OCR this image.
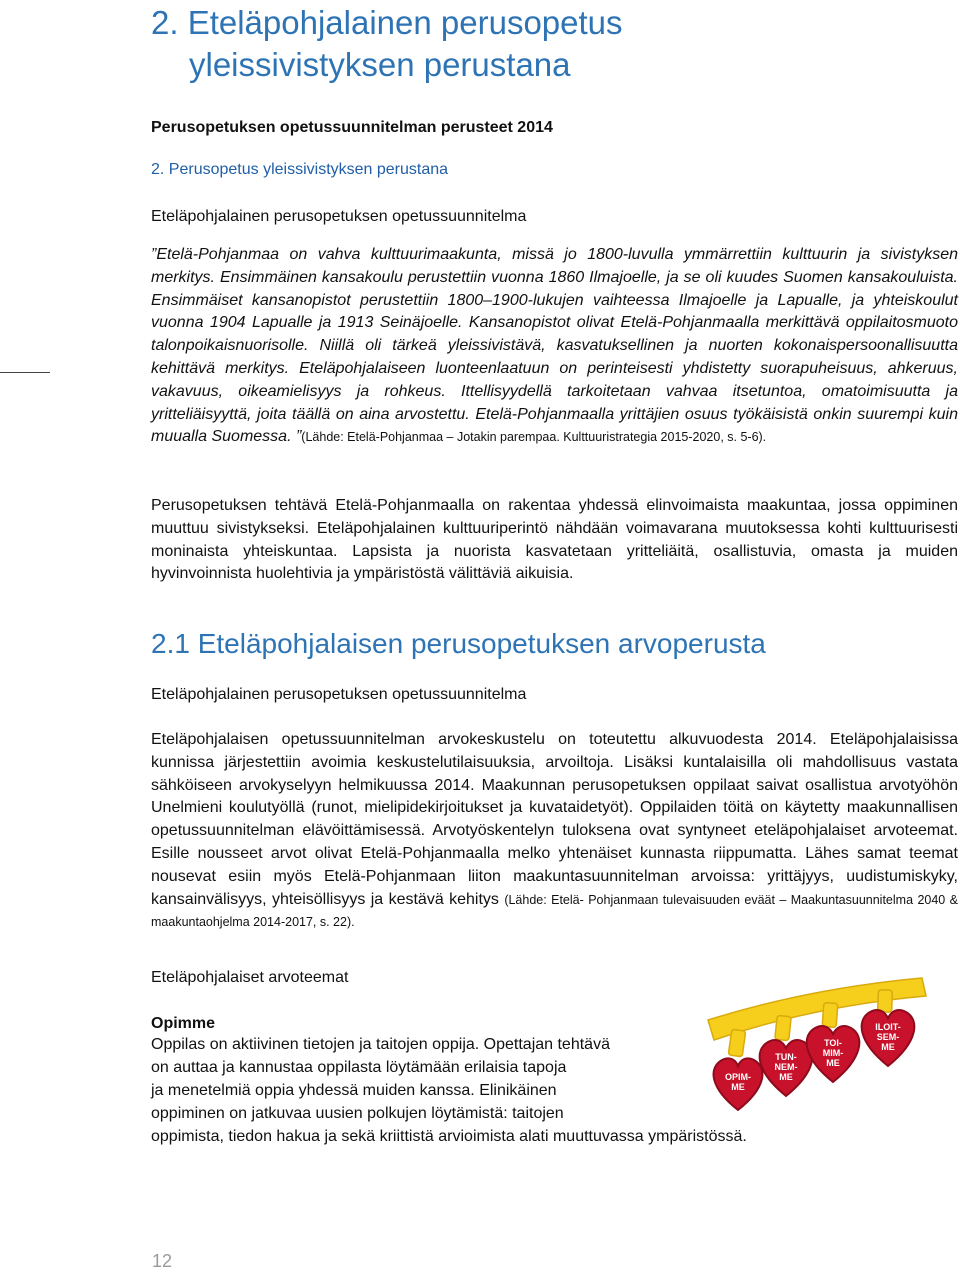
2. Eteläpohjalainen perusopetus
yleissivistyksen perustana
Perusopetuksen opetussuunnitelman perusteet 2014
2. Perusopetus yleissivistyksen perustana
Eteläpohjalainen perusopetuksen opetussuunnitelma

”Etelä-Pohjanmaa on vahva kulttuurimaakunta, missä jo 1800-luvulla ymmärrettiin kulttuurin ja sivistyksen merkitys. Ensimmäinen kansakoulu perustettiin vuonna 1860 Ilmajoelle, ja se oli kuudes Suomen kansakouluista. Ensimmäiset kansanopistot perustettiin 1800–1900-lukujen vaihteessa Ilmajoelle ja Lapualle, ja yhteiskoulut vuonna 1904 Lapualle ja 1913 Seinäjoelle. Kansanopistot olivat Etelä-Pohjanmaalla merkittävä oppilaitosmuoto talonpoikaisnuorisolle. Niillä oli tärkeä yleissivistävä, kasvatuksellinen ja nuorten kokonaispersoonallisuutta kehittävä merkitys. Eteläpohjalaiseen luonteenlaatuun on perinteisesti yhdistetty suorapuheisuus, ahkeruus, vakavuus, oikeamielisyys ja rohkeus. Ittellisyydellä tarkoitetaan vahvaa itsetuntoa, omatoimisuutta ja yritteliäisyyttä, joita täällä on aina arvostettu. Etelä-Pohjanmaalla yrittäjien osuus työkäisistä onkin suurempi kuin muualla Suomessa. ”(Lähde: Etelä-Pohjanmaa – Jotakin parempaa. Kulttuuristrategia 2015-2020, s. 5-6).

Perusopetuksen tehtävä Etelä-Pohjanmaalla on rakentaa yhdessä elinvoimaista maakuntaa, jossa oppiminen muuttuu sivistykseksi. Eteläpohjalainen kulttuuriperintö nähdään voimavarana muutoksessa kohti kulttuurisesti moninaista yhteiskuntaa. Lapsista ja nuorista kasvatetaan yritteliäitä, osallistuvia, omasta ja muiden hyvinvoinnista huolehtivia ja ympäristöstä välittäviä aikuisia.

2.1 Eteläpohjalaisen perusopetuksen arvoperusta
Eteläpohjalainen perusopetuksen opetussuunnitelma

Eteläpohjalaisen opetussuunnitelman arvokeskustelu on toteutettu alkuvuodesta 2014. Eteläpohjalaisissa kunnissa järjestettiin avoimia keskustelutilaisuuksia, arvoiltoja. Lisäksi kuntalaisilla oli mahdollisuus vastata sähköiseen arvokyselyyn helmikuussa 2014. Maakunnan perusopetuksen oppilaat saivat osallistua arvotyöhön Unelmieni koulutyöllä (runot, mielipidekirjoitukset ja kuvataidetyöt). Oppilaiden töitä on käytetty maakunnallisen opetussuunnitelman elävöittämisessä. Arvotyöskentelyn tuloksena ovat syntyneet eteläpohjalaiset arvoteemat. Esille nousseet arvot olivat Etelä-Pohjanmaalla melko yhtenäiset kunnasta riippumatta. Lähes samat teemat nousevat esiin myös Etelä-Pohjanmaan liiton maakuntasuunnitelman arvoissa: yrittäjyys, uudistumiskyky, kansainvälisyys, yhteisöllisyys ja kestävä kehitys (Lähde: Etelä- Pohjanmaan tulevaisuuden eväät – Maakuntasuunnitelma 2040 & maakuntaohjelma 2014-2017, s. 22).

Eteläpohjalaiset arvoteemat
Opimme
Oppilas on aktiivinen tietojen ja taitojen oppija. Opettajan tehtävä
on auttaa ja kannustaa oppilasta löytämään erilaisia tapoja
ja menetelmiä oppia yhdessä muiden kanssa. Elinikäinen
oppiminen on jatkuvaa uusien polkujen löytämistä: taitojen
oppimista, tiedon hakua ja sekä kriittistä arvioimista alati muuttuvassa ympäristössä.
OPIM-
ME
TUN-
NEM-
ME
TOI-
MIM-
ME
ILOIT-
SEM-
ME
12
